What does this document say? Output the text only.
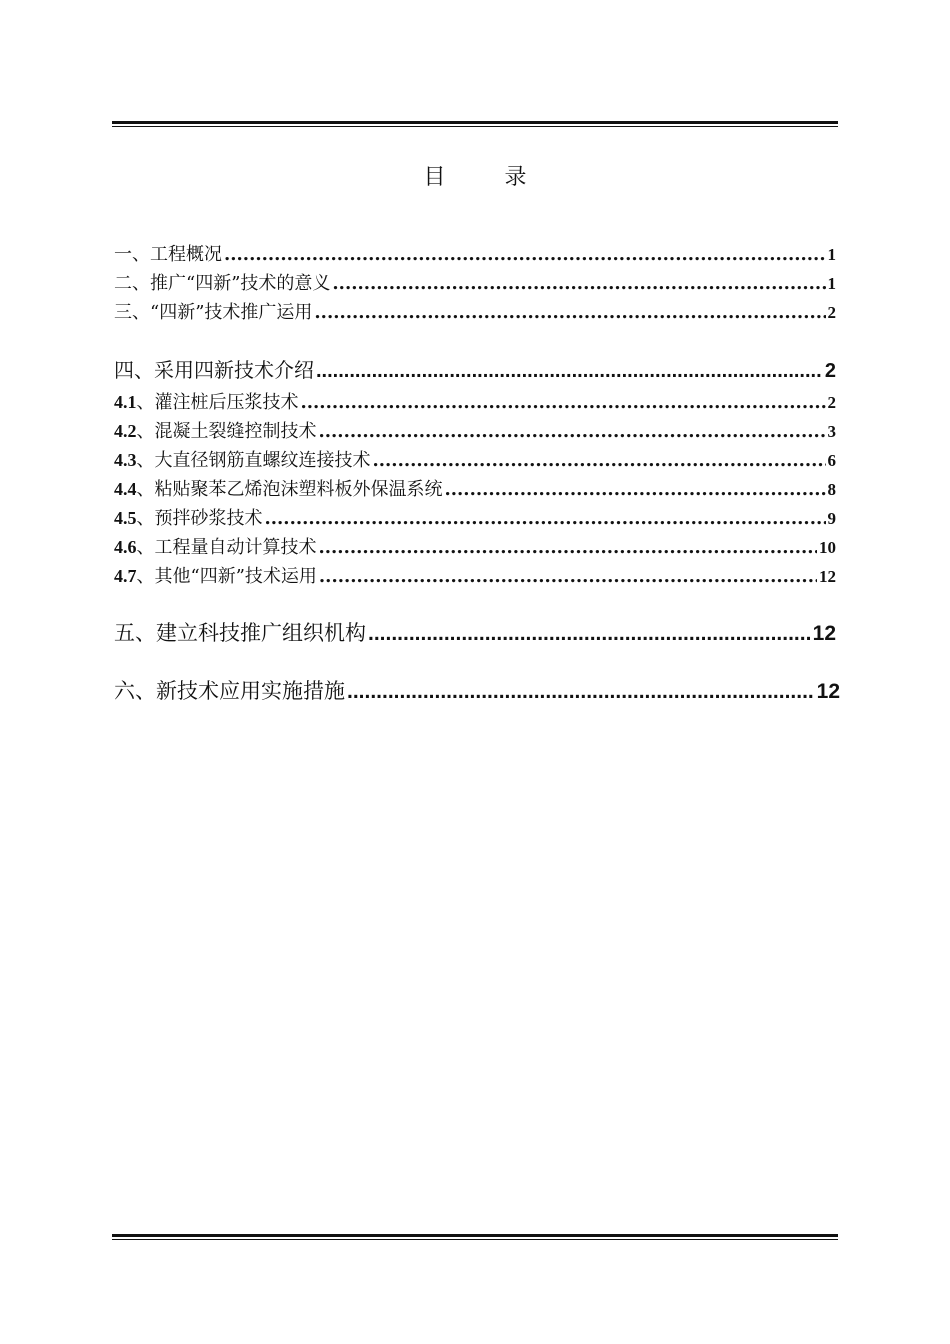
目 录
一、工程概况 .....	1
二、推广“四新”技术的意义 .....	1
三、“四新”技术推广运用 .....	2
四、采用四新技术介绍 .....	2
4.1 、灌注桩后压浆技术 .....	2
4.2 、混凝土裂缝控制技术 .....	3
4.3 、大直径钢筋直螺纹连接技术 .....	6
4.4 、粘贴聚苯乙烯泡沫塑料板外保温系统 .....	8
4.5 、预拌砂浆技术 .....	9
4.6 、工程量自动计算技术 .....	10
4.7 、其他“四新”技术运用 .....	12
五、建立科技推广组织机构 .....	12
六、新技术应用实施措施 .....	12
